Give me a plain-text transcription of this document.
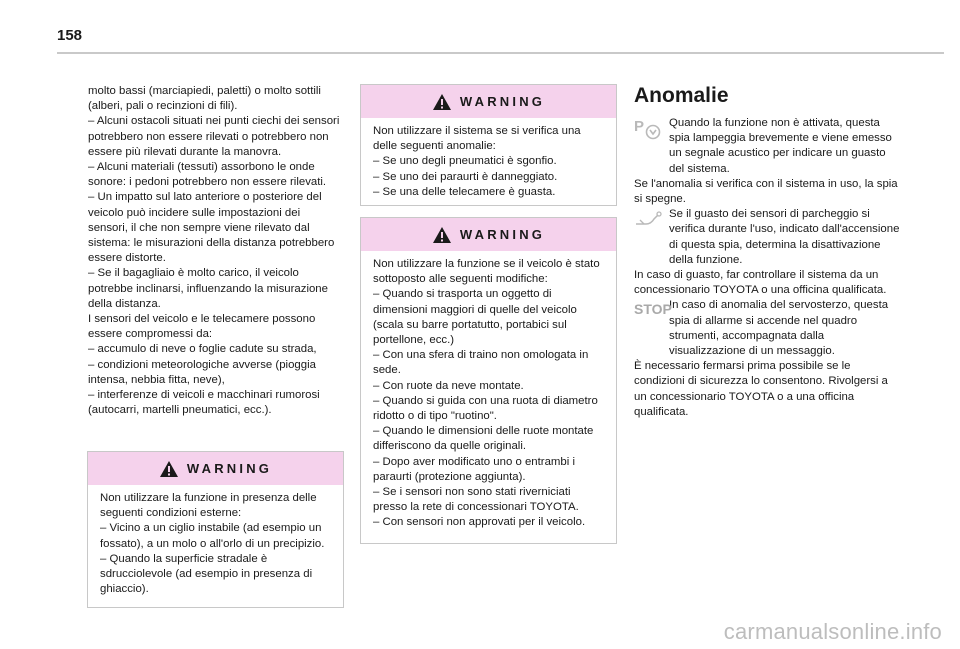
158

molto bassi (marciapiedi, paletti) o molto sottili (alberi, pali o recinzioni di fili).

– Alcuni ostacoli situati nei punti ciechi dei sensori potrebbero non essere rilevati o potrebbero non essere più rilevati durante la manovra.

– Alcuni materiali (tessuti) assorbono le onde sonore: i pedoni potrebbero non essere rilevati.

– Un impatto sul lato anteriore o posteriore del veicolo può incidere sulle impostazioni dei sensori, il che non sempre viene rilevato dal sistema: le misurazioni della distanza potrebbero essere distorte.

– Se il bagagliaio è molto carico, il veicolo potrebbe inclinarsi, influenzando la misurazione della distanza.

I sensori del veicolo e le telecamere possono essere compromessi da:

– accumulo di neve o foglie cadute su strada,

– condizioni meteorologiche avverse (pioggia intensa, nebbia fitta, neve),

– interferenze di veicoli e macchinari rumorosi (autocarri, martelli pneumatici, ecc.).

WARNING

Non utilizzare la funzione in presenza delle seguenti condizioni esterne:

– Vicino a un ciglio instabile (ad esempio un fossato), a un molo o all'orlo di un precipizio.

– Quando la superficie stradale è sdrucciolevole (ad esempio in presenza di ghiaccio).

WARNING

Non utilizzare il sistema se si verifica una delle seguenti anomalie:

– Se uno degli pneumatici è sgonfio.

– Se uno dei paraurti è danneggiato.

– Se una delle telecamere è guasta.

WARNING

Non utilizzare la funzione se il veicolo è stato sottoposto alle seguenti modifiche:

– Quando si trasporta un oggetto di dimensioni maggiori di quelle del veicolo (scala su barre portatutto, portabici sul portellone, ecc.)

– Con una sfera di traino non omologata in sede.

– Con ruote da neve montate.

– Quando si guida con una ruota di diametro ridotto o di tipo "ruotino".

– Quando le dimensioni delle ruote montate differiscono da quelle originali.

– Dopo aver modificato uno o entrambi i paraurti (protezione aggiunta).

– Se i sensori non sono stati riverniciati presso la rete di concessionari TOYOTA.

– Con sensori non approvati per il veicolo.

Anomalie
P	Quando la funzione non è attivata, questa spia lampeggia brevemente e viene emesso un segnale acustico per indicare un guasto del sistema.

Se l'anomalia si verifica con il sistema in uso, la spia si spegne.

Se il guasto dei sensori di parcheggio si verifica durante l'uso, indicato dall'accensione di questa spia, determina la disattivazione della funzione.

In caso di guasto, far controllare il sistema da un concessionario TOYOTA o una officina qualificata.

STOP

In caso di anomalia del servosterzo, questa spia di allarme si accende nel quadro strumenti, accompagnata dalla visualizzazione di un messaggio.

È necessario fermarsi prima possibile se le condizioni di sicurezza lo consentono. Rivolgersi a un concessionario TOYOTA o a una officina qualificata.

carmanualsonline.info
